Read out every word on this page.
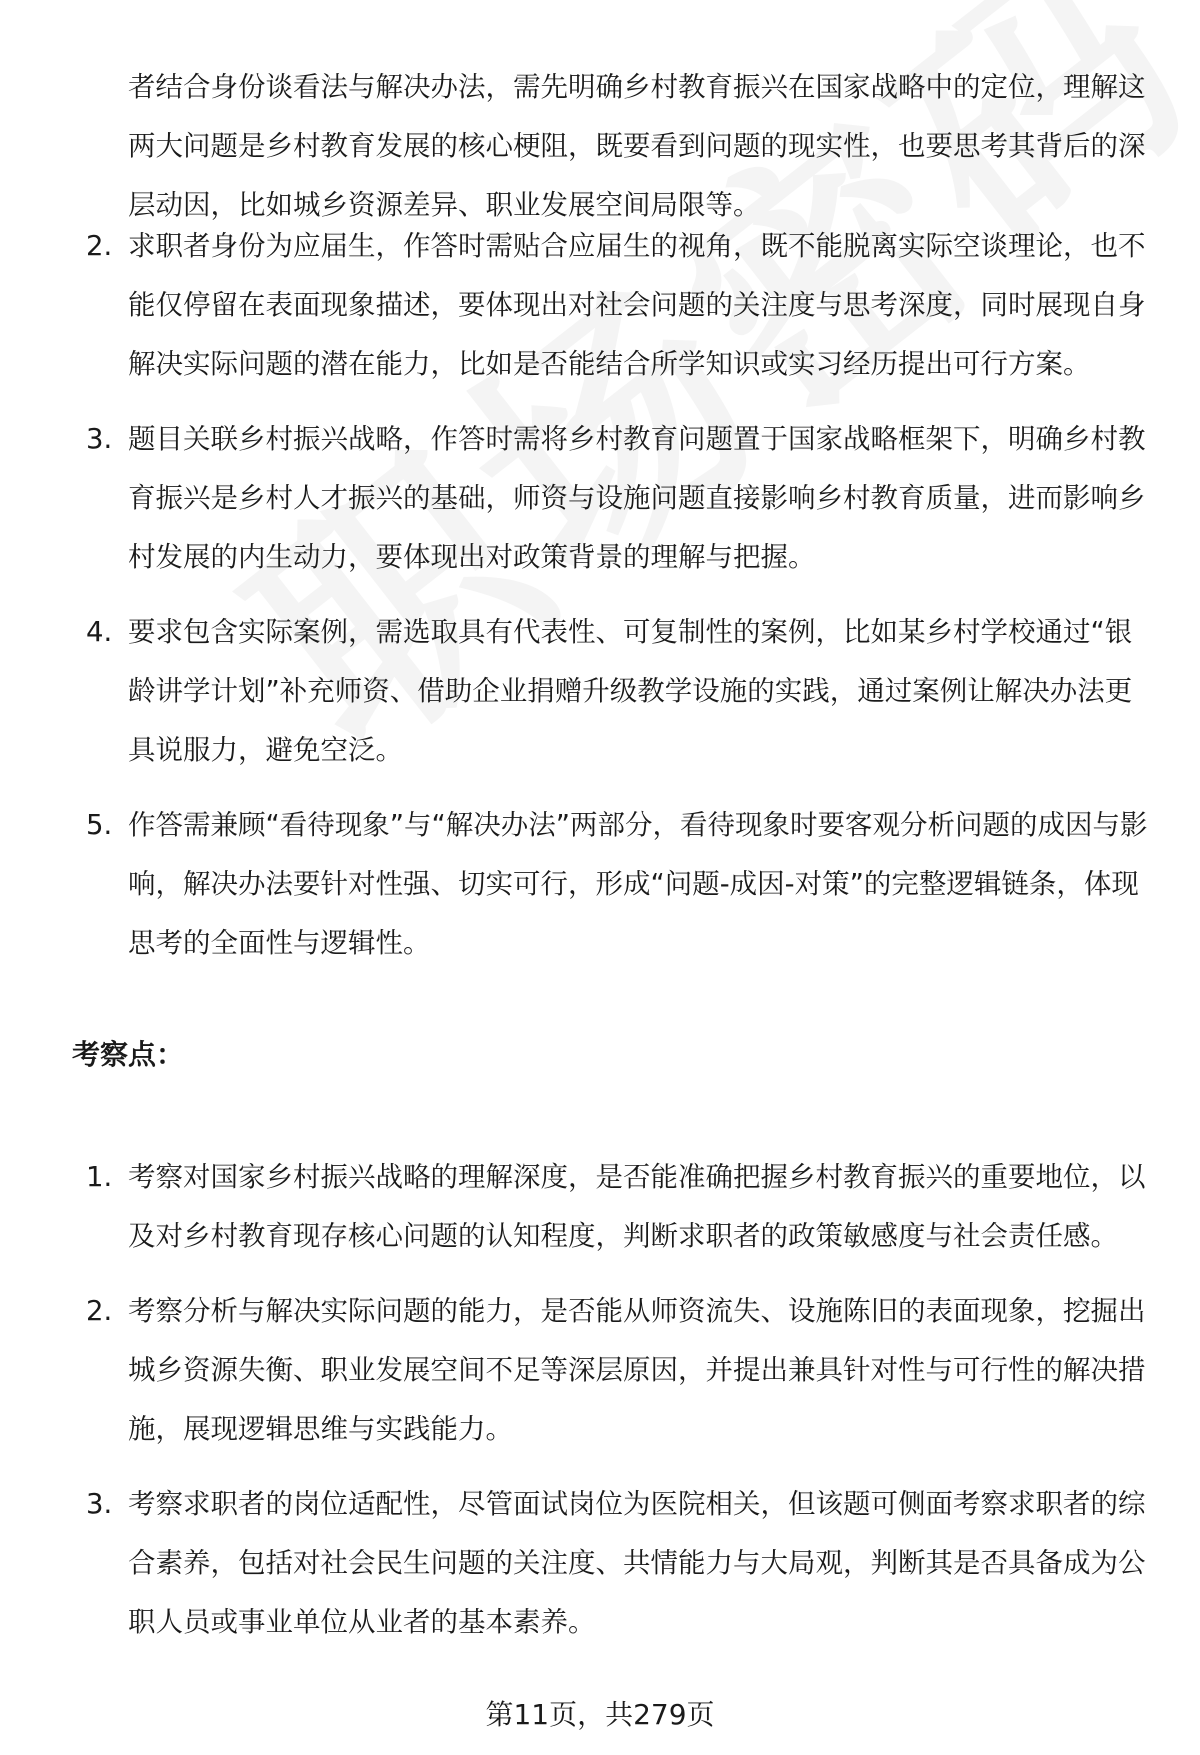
者结合身份谈看法与解决办法，需先明确乡村教育振兴在国家战略中的定位，理解这两大问题是乡村教育发展的核心梗阻，既要看到问题的现实性，也要思考其背后的深层动因，比如城乡资源差异、职业发展空间局限等。

2. 求职者身份为应届生，作答时需贴合应届生的视角，既不能脱离实际空谈理论，也不能仅停留在表面现象描述，要体现出对社会问题的关注度与思考深度，同时展现自身解决实际问题的潜在能力，比如是否能结合所学知识或实习经历提出可行方案。
3. 题目关联乡村振兴战略，作答时需将乡村教育问题置于国家战略框架下，明确乡村教育振兴是乡村人才振兴的基础，师资与设施问题直接影响乡村教育质量，进而影响乡村发展的内生动力，要体现出对政策背景的理解与把握。
4. 要求包含实际案例，需选取具有代表性、可复制性的案例，比如某乡村学校通过“银龄讲学计划”补充师资、借助企业捐赠升级教学设施的实践，通过案例让解决办法更具说服力，避免空泛。
5. 作答需兼顾“看待现象”与“解决办法”两部分，看待现象时要客观分析问题的成因与影响，解决办法要针对性强、切实可行，形成“问题-成因-对策”的完整逻辑链条，体现思考的全面性与逻辑性。
考察点：
1. 考察对国家乡村振兴战略的理解深度，是否能准确把握乡村教育振兴的重要地位，以及对乡村教育现存核心问题的认知程度，判断求职者的政策敏感度与社会责任感。
2. 考察分析与解决实际问题的能力，是否能从师资流失、设施陈旧的表面现象，挖掘出城乡资源失衡、职业发展空间不足等深层原因，并提出兼具针对性与可行性的解决措施，展现逻辑思维与实践能力。
3. 考察求职者的岗位适配性，尽管面试岗位为医院相关，但该题可侧面考察求职者的综合素养，包括对社会民生问题的关注度、共情能力与大局观，判断其是否具备成为公职人员或事业单位从业者的基本素养。
第11页，共279页
